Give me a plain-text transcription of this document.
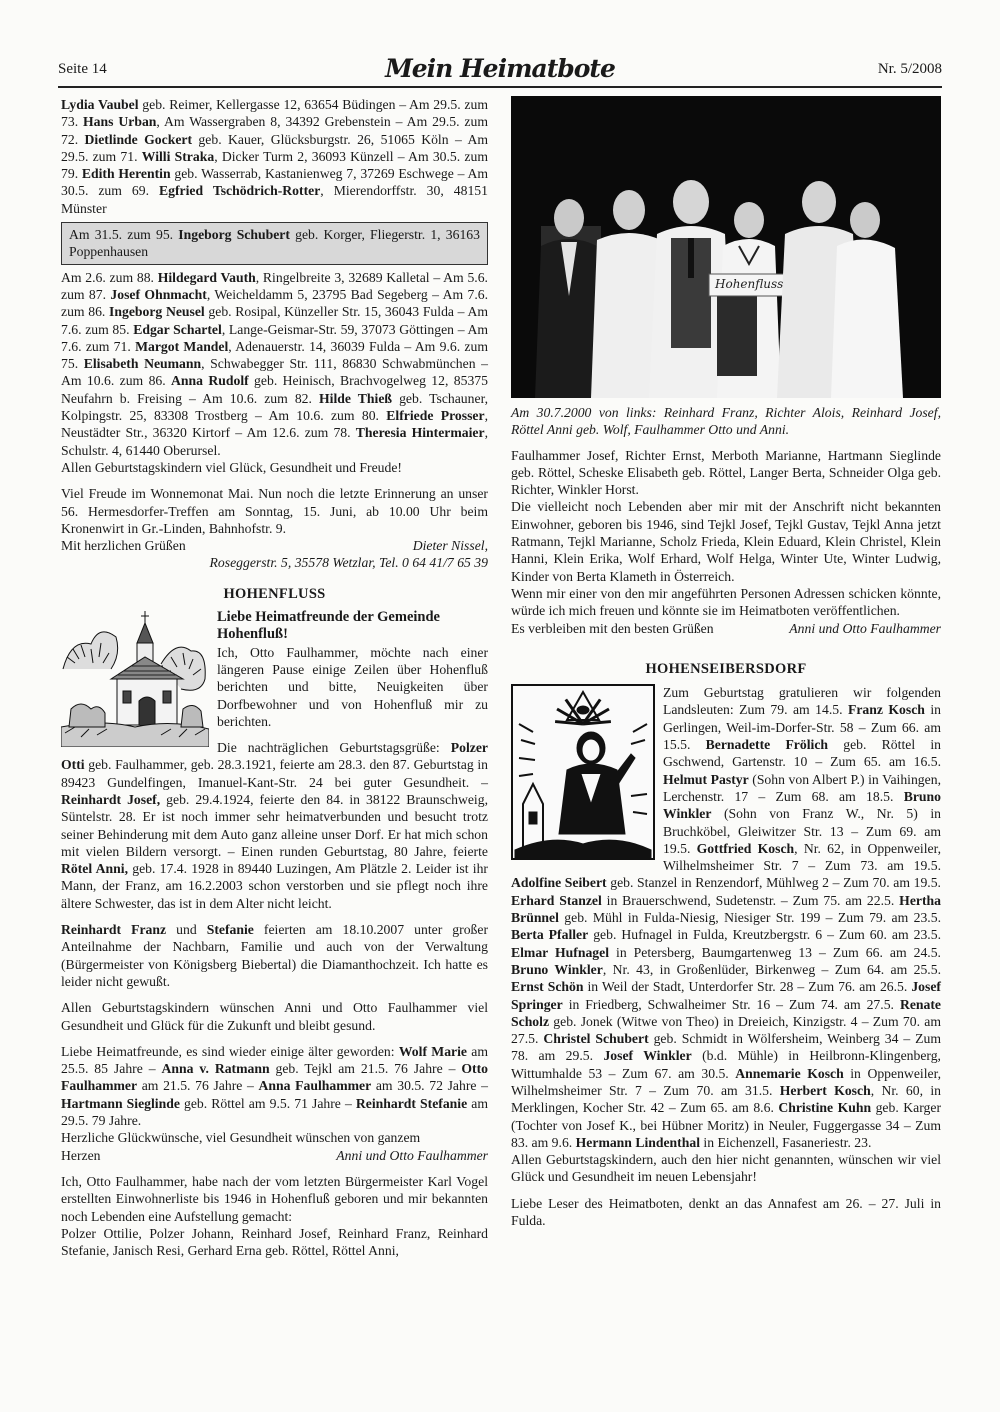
Seite 14	Mein Heimatbote	Nr. 5/2008

Lydia Vaubel geb. Reimer, Kellergasse 12, 63654 Büdingen – Am 29.5. zum 73. Hans Urban, Am Wassergraben 8, 34392 Grebenstein – Am 29.5. zum 72. Dietlinde Gockert geb. Kauer, Glücksburgstr. 26, 51065 Köln – Am 29.5. zum 71. Willi Straka, Dicker Turm 2, 36093 Künzell – Am 30.5. zum 79. Edith Herentin geb. Wasserrab, Kastanienweg 7, 37269 Eschwege – Am 30.5. zum 69. Egfried Tschödrich-Rotter, Mierendorffstr. 30, 48151 Münster

Am 31.5. zum 95. Ingeborg Schubert geb. Korger, Fliegerstr. 1, 36163 Poppenhausen

Am 2.6. zum 88. Hildegard Vauth, Ringelbreite 3, 32689 Kalletal – Am 5.6. zum 87. Josef Ohnmacht, Weicheldamm 5, 23795 Bad Segeberg – Am 7.6. zum 86. Ingeborg Neusel geb. Rosipal, Künzeller Str. 15, 36043 Fulda – Am 7.6. zum 85. Edgar Schartel, Lange-Geismar-Str. 59, 37073 Göttingen – Am 7.6. zum 71. Margot Mandel, Adenauerstr. 14, 36039 Fulda – Am 9.6. zum 75. Elisabeth Neumann, Schwabegger Str. 111, 86830 Schwabmünchen – Am 10.6. zum 86. Anna Rudolf geb. Heinisch, Brachvogelweg 12, 85375 Neufahrn b. Freising – Am 10.6. zum 82. Hilde Thieß geb. Tschauner, Kolpingstr. 25, 83308 Trostberg – Am 10.6. zum 80. Elfriede Prosser, Neustädter Str., 36320 Kirtorf – Am 12.6. zum 78. Theresia Hintermaier, Schulstr. 4, 61440 Oberursel.

Allen Geburtstagskindern viel Glück, Gesundheit und Freude!

Viel Freude im Wonnemonat Mai. Nun noch die letzte Erinnerung an unser 56. Hermesdorfer-Treffen am Sonntag, 15. Juni, ab 10.00 Uhr beim Kronenwirt in Gr.-Linden, Bahnhofstr. 9.

Mit herzlichen Grüßen	Dieter Nissel,

Roseggerstr. 5, 35578 Wetzlar, Tel. 0 64 41/7 65 39

HOHENFLUSS

Liebe Heimatfreunde der Gemeinde Hohenfluß!

Ich, Otto Faulhammer, möchte nach einer längeren Pause einige Zeilen über Hohenfluß berichten und bitte, Neuigkeiten über Dorfbewohner und von Hohenfluß mir zu berichten.

Die nachträglichen Geburtstagsgrüße: Polzer Otti geb. Faulhammer, geb. 28.3.1921, feierte am 28.3. den 87. Geburtstag in 89423 Gundelfingen, Imanuel-Kant-Str. 24 bei guter Gesundheit. – Reinhardt Josef, geb. 29.4.1924, feierte den 84. in 38122 Braunschweig, Süntelstr. 28. Er ist noch immer sehr heimatverbunden und besucht trotz seiner Behinderung mit dem Auto ganz alleine unser Dorf. Er hat mich schon mit vielen Bildern versorgt. – Einen runden Geburtstag, 80 Jahre, feierte Rötel Anni, geb. 17.4. 1928 in 89440 Luzingen, Am Plätzle 2. Leider ist ihr Mann, der Franz, am 16.2.2003 schon verstorben und sie pflegt noch ihre ältere Schwester, das ist in dem Alter nicht leicht.

Reinhardt Franz und Stefanie feierten am 18.10.2007 unter großer Anteilnahme der Nachbarn, Familie und auch von der Verwaltung (Bürgermeister von Königsberg Biebertal) die Diamanthochzeit. Ich hatte es leider nicht gewußt.

Allen Geburtstagskindern wünschen Anni und Otto Faulhammer viel Gesundheit und Glück für die Zukunft und bleibt gesund.

Liebe Heimatfreunde, es sind wieder einige älter geworden: Wolf Marie am 25.5. 85 Jahre – Anna v. Ratmann geb. Tejkl am 21.5. 76 Jahre – Otto Faulhammer am 21.5. 76 Jahre – Anna Faulhammer am 30.5. 72 Jahre – Hartmann Sieglinde geb. Röttel am 9.5. 71 Jahre – Reinhardt Stefanie am 29.5. 79 Jahre.

Herzliche Glückwünsche, viel Gesundheit wünschen von ganzem

Herzen	Anni und Otto Faulhammer

Ich, Otto Faulhammer, habe nach der vom letzten Bürgermeister Karl Vogel erstellten Einwohnerliste bis 1946 in Hohenfluß geboren und mir bekannten noch Lebenden eine Aufstellung gemacht:

Polzer Ottilie, Polzer Johann, Reinhard Josef, Reinhard Franz, Reinhard Stefanie, Janisch Resi, Gerhard Erna geb. Röttel, Röttel Anni,

Hohenfluss

Am 30.7.2000 von links: Reinhard Franz, Richter Alois, Reinhard Josef, Röttel Anni geb. Wolf, Faulhammer Otto und Anni.

Faulhammer Josef, Richter Ernst, Merboth Marianne, Hartmann Sieglinde geb. Röttel, Scheske Elisabeth geb. Röttel, Langer Berta, Schneider Olga geb. Richter, Winkler Horst.

Die vielleicht noch Lebenden aber mir mit der Anschrift nicht bekannten Einwohner, geboren bis 1946, sind Tejkl Josef, Tejkl Gustav, Tejkl Anna jetzt Ratmann, Tejkl Marianne, Scholz Frieda, Klein Eduard, Klein Christel, Klein Hanni, Klein Erika, Wolf Erhard, Wolf Helga, Winter Ute, Winter Ludwig, Kinder von Berta Klameth in Österreich.

Wenn mir einer von den mir angeführten Personen Adressen schicken könnte, würde ich mich freuen und könnte sie im Heimatboten veröffentlichen.

Es verbleiben mit den besten Grüßen	Anni und Otto Faulhammer

HOHENSEIBERSDORF

Zum Geburtstag gratulieren wir folgenden Landsleuten: Zum 79. am 14.5. Franz Kosch in Gerlingen, Weil-im-Dorfer-Str. 58 – Zum 66. am 15.5. Bernadette Frölich geb. Röttel in Gschwend, Gartenstr. 10 – Zum 65. am 16.5. Helmut Pastyr (Sohn von Albert P.) in Vaihingen, Lerchenstr. 17 – Zum 68. am 18.5. Bruno Winkler (Sohn von Franz W., Nr. 5) in Bruchköbel, Gleiwitzer Str. 13 – Zum 69. am 19.5. Gottfried Kosch, Nr. 62, in Oppenweiler, Wilhelmsheimer Str. 7 – Zum 73. am 19.5. Adolfine Seibert geb. Stanzel in Renzendorf, Mühlweg 2 – Zum 70. am 19.5. Erhard Stanzel in Brauerschwend, Sudetenstr. – Zum 75. am 22.5. Hertha Brünnel geb. Mühl in Fulda-Niesig, Niesiger Str. 199 – Zum 79. am 23.5. Berta Pfaller geb. Hufnagel in Fulda, Kreutzbergstr. 6 – Zum 60. am 23.5. Elmar Hufnagel in Petersberg, Baumgartenweg 13 – Zum 66. am 24.5. Bruno Winkler, Nr. 43, in Großenlüder, Birkenweg – Zum 64. am 25.5. Ernst Schön in Weil der Stadt, Unterdorfer Str. 28 – Zum 76. am 26.5. Josef Springer in Friedberg, Schwalheimer Str. 16 – Zum 74. am 27.5. Renate Scholz geb. Jonek (Witwe von Theo) in Dreieich, Kinzigstr. 4 – Zum 70. am 27.5. Christel Schubert geb. Schmidt in Wölfersheim, Weinberg 34 – Zum 78. am 29.5. Josef Winkler (b.d. Mühle) in Heilbronn-Klingenberg, Wittumhalde 53 – Zum 67. am 30.5. Annemarie Kosch in Oppenweiler, Wilhelmsheimer Str. 7 – Zum 70. am 31.5. Herbert Kosch, Nr. 60, in Merklingen, Kocher Str. 42 – Zum 65. am 8.6. Christine Kuhn geb. Karger (Tochter von Josef K., bei Hübner Moritz) in Neuler, Fuggergasse 34 – Zum 83. am 9.6. Hermann Lindenthal in Eichenzell, Fasaneriestr. 23.

Allen Geburtstagskindern, auch den hier nicht genannten, wünschen wir viel Glück und Gesundheit im neuen Lebensjahr!

Liebe Leser des Heimatboten, denkt an das Annafest am 26. – 27. Juli in Fulda.
